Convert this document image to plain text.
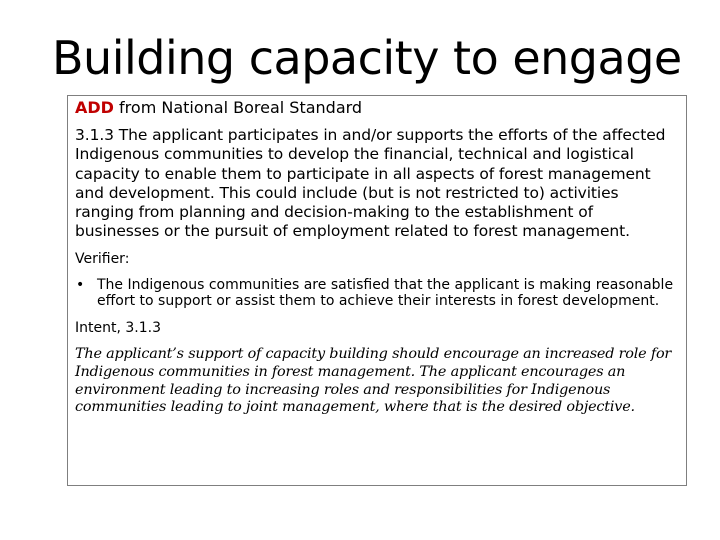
Building capacity to engage

ADD from National Boreal Standard

3.1.3 The applicant participates in and/or supports the efforts of the affected Indigenous communities to develop the financial, technical and logistical capacity to enable them to participate in all aspects of forest management and development. This could include (but is not restricted to) activities ranging from planning and decision-making to the establishment of businesses or the pursuit of employment related to forest management.

Verifier:

• The Indigenous communities are satisfied that the applicant is making reasonable effort to support or assist them to achieve their interests in forest development.

Intent, 3.1.3

The applicant’s support of capacity building should encourage an increased role for Indigenous communities in forest management. The applicant encourages an environment leading to increasing roles and responsibilities for Indigenous communities leading to joint management, where that is the desired objective.
